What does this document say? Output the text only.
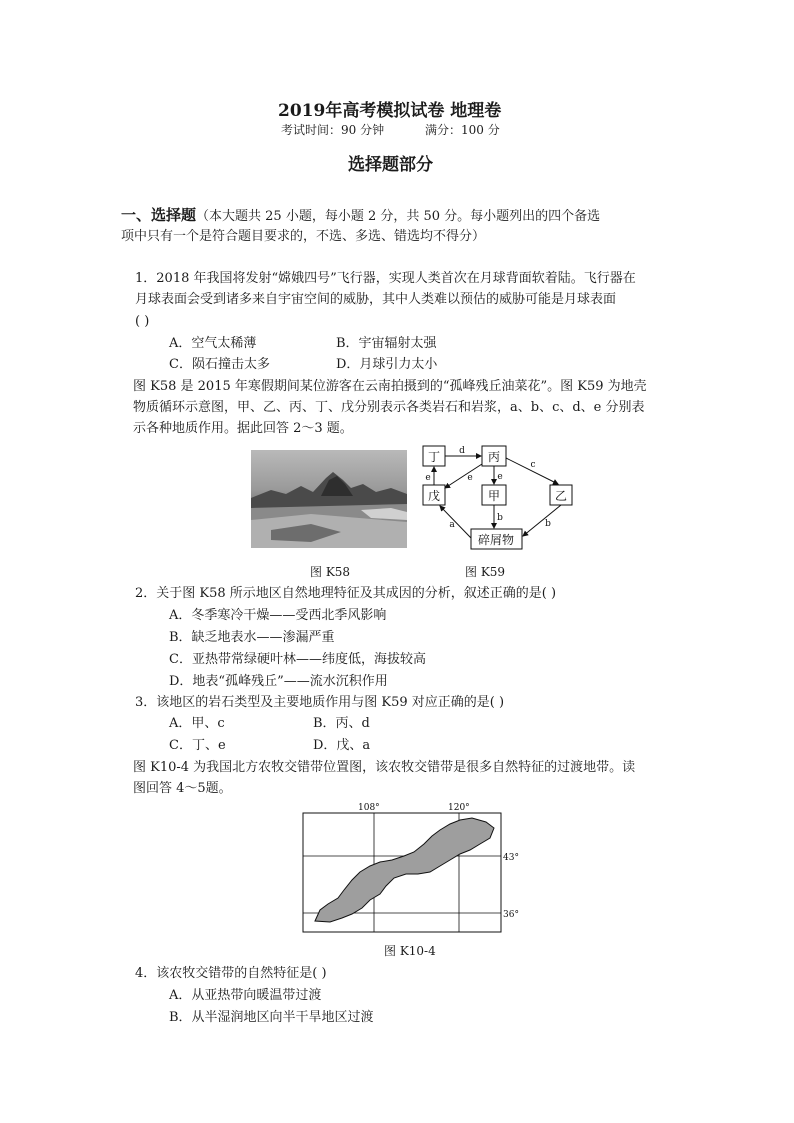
2019年高考模拟试卷 地理卷
考试时间：90 分钟	满分：100 分
选择题部分
一、选择题（本大题共 25 小题，每小题 2 分，共 50 分。每小题列出的四个备选
项中只有一个是符合题目要求的，不选、多选、错选均不得分）
1．2018 年我国将发射“嫦娥四号”飞行器，实现人类首次在月球背面软着陆。飞行器在
月球表面会受到诸多来自宇宙空间的威胁，其中人类难以预估的威胁可能是月球表面
( )
A．空气太稀薄	B．宇宙辐射太强
C．陨石撞击太多	D．月球引力太小
图 K58 是 2015 年寒假期间某位游客在云南拍摄到的“孤峰残丘油菜花”。图 K59 为地壳
物质循环示意图，甲、乙、丙、丁、戊分别表示各类岩石和岩浆，a、b、c、d、e 分别表
示各种地质作用。据此回答 2～3 题。
丁	丙
戊	甲	乙
碎屑物
d
c
e
e
e
b
b
a
图 K58	图 K59
2．关于图 K58 所示地区自然地理特征及其成因的分析，叙述正确的是( )
A．冬季寒冷干燥——受西北季风影响
B．缺乏地表水——渗漏严重
C．亚热带常绿硬叶林——纬度低，海拔较高
D．地表“孤峰残丘”——流水沉积作用
3．该地区的岩石类型及主要地质作用与图 K59 对应正确的是( )
A．甲、c	B．丙、d
C．丁、e	D．戊、a
图 K10-4 为我国北方农牧交错带位置图，该农牧交错带是很多自然特征的过渡地带。读
图回答 4～5题。
108°	120°
43°
36°
图 K10-4
4．该农牧交错带的自然特征是( )
A．从亚热带向暖温带过渡
B．从半湿润地区向半干旱地区过渡
